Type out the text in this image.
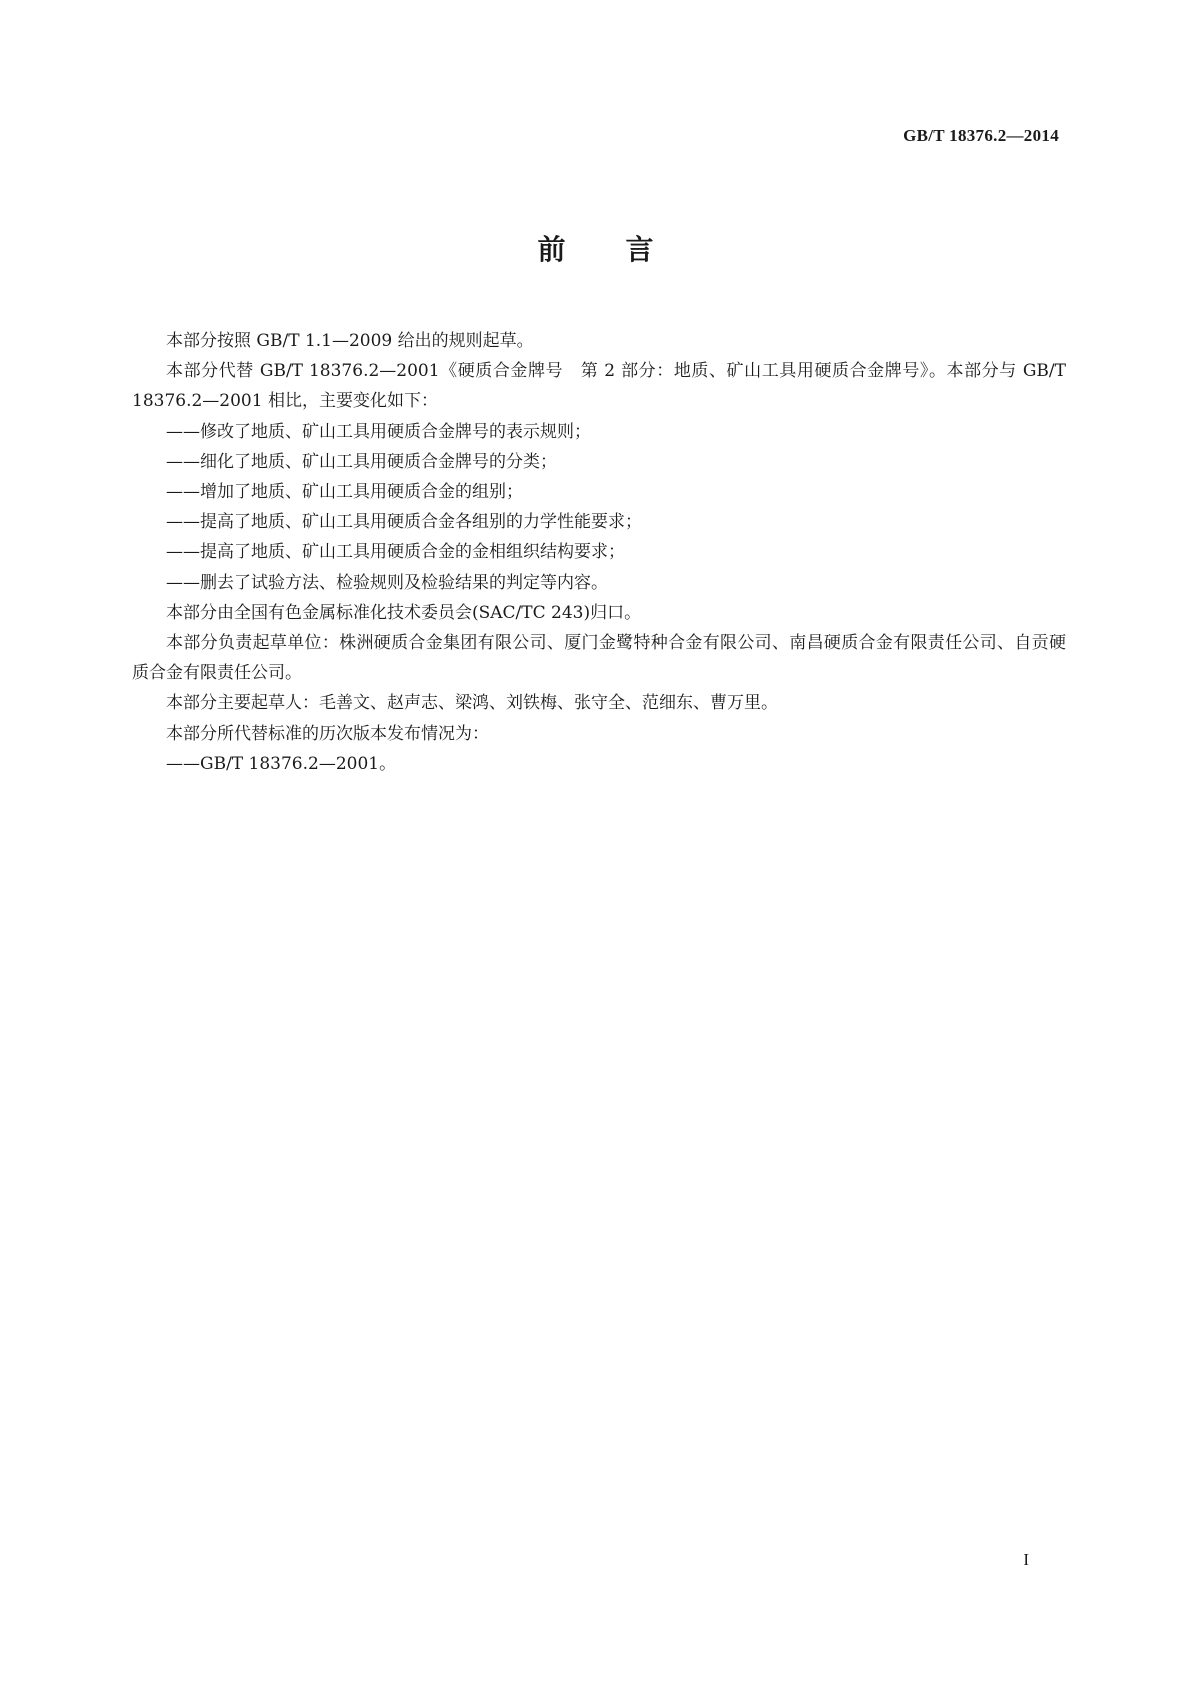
GB/T 18376.2—2014
前言

本部分按照 GB/T 1.1—2009 给出的规则起草。

本部分代替 GB/T 18376.2—2001《硬质合金牌号　第 2 部分：地质、矿山工具用硬质合金牌号》。本部分与 GB/T 18376.2—2001 相比，主要变化如下：

——修改了地质、矿山工具用硬质合金牌号的表示规则；

——细化了地质、矿山工具用硬质合金牌号的分类；

——增加了地质、矿山工具用硬质合金的组别；

——提高了地质、矿山工具用硬质合金各组别的力学性能要求；

——提高了地质、矿山工具用硬质合金的金相组织结构要求；

——删去了试验方法、检验规则及检验结果的判定等内容。

本部分由全国有色金属标准化技术委员会(SAC/TC 243)归口。

本部分负责起草单位：株洲硬质合金集团有限公司、厦门金鹭特种合金有限公司、南昌硬质合金有限责任公司、自贡硬质合金有限责任公司。

本部分主要起草人：毛善文、赵声志、梁鸿、刘铁梅、张守全、范细东、曹万里。

本部分所代替标准的历次版本发布情况为：

——GB/T 18376.2—2001。

I
